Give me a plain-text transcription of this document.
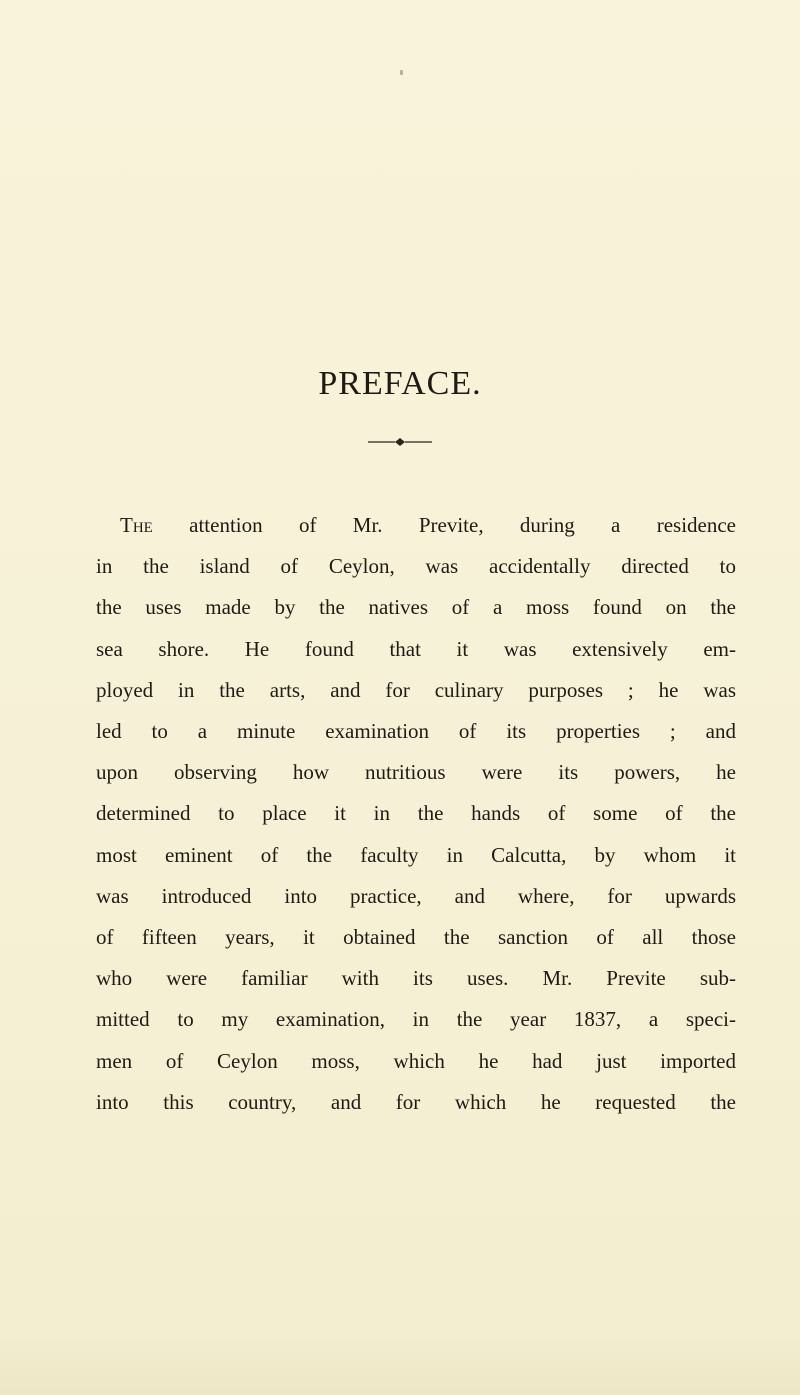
PREFACE.
The attention of Mr. Previte, during a residence
in the island of Ceylon, was accidentally directed to
the uses made by the natives of a moss found on the
sea shore. He found that it was extensively em-
ployed in the arts, and for culinary purposes ; he was
led to a minute examination of its properties ; and
upon observing how nutritious were its powers, he
determined to place it in the hands of some of the
most eminent of the faculty in Calcutta, by whom it
was introduced into practice, and where, for upwards
of fifteen years, it obtained the sanction of all those
who were familiar with its uses. Mr. Previte sub-
mitted to my examination, in the year 1837, a speci-
men of Ceylon moss, which he had just imported
into this country, and for which he requested the
